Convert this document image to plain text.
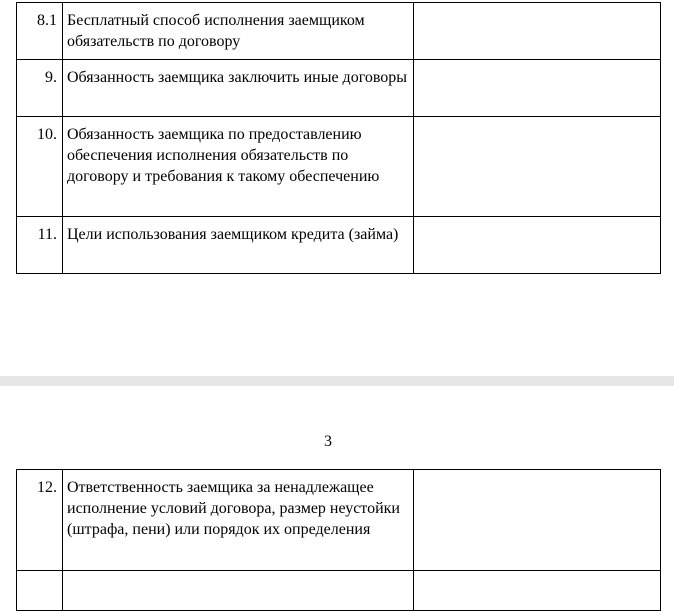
8.1	Бесплатный способ исполнения заемщиком обязательств по договору	
9.	Обязанность заемщика заключить иные договоры	
10.	Обязанность заемщика по предоставлению обеспечения исполнения обязательств по договору и требования к такому обеспечению	
11.	Цели использования заемщиком кредита (займа)	
3
12.	Ответственность заемщика за ненадлежащее исполнение условий договора, размер неустойки (штрафа, пени) или порядок их определения	
